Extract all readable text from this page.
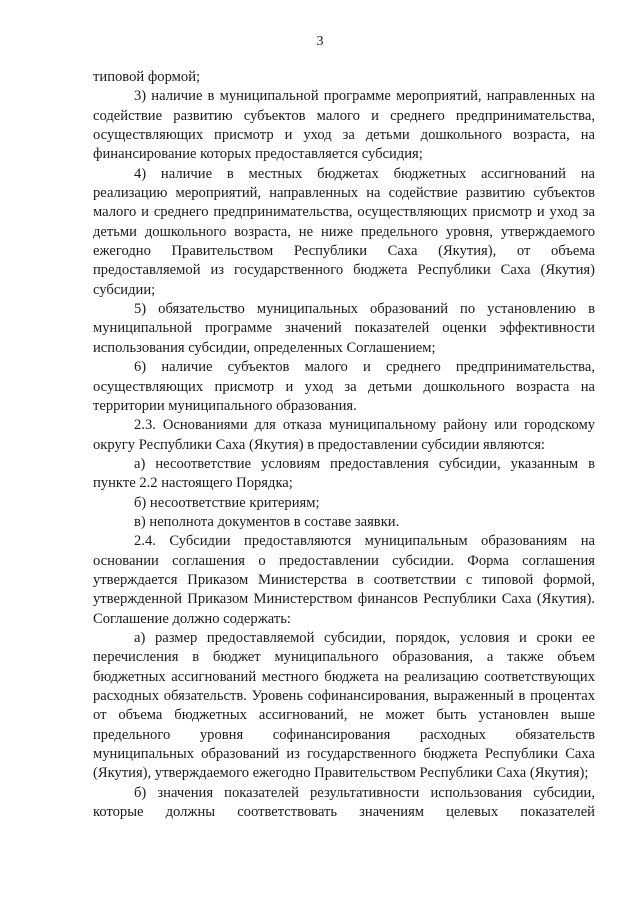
3

типовой формой;

3) наличие в муниципальной программе мероприятий, направленных на содействие развитию субъектов малого и среднего предпринимательства, осуществляющих присмотр и уход за детьми дошкольного возраста, на финансирование которых предоставляется субсидия;

4) наличие в местных бюджетах бюджетных ассигнований на реализацию мероприятий, направленных на содействие развитию субъектов малого и среднего предпринимательства, осуществляющих присмотр и уход за детьми дошкольного возраста, не ниже предельного уровня, утверждаемого ежегодно Правительством Республики Саха (Якутия), от объема предоставляемой из государственного бюджета Республики Саха (Якутия) субсидии;

5) обязательство муниципальных образований по установлению в муниципальной программе значений показателей оценки эффективности использования субсидии, определенных Соглашением;

6) наличие субъектов малого и среднего предпринимательства, осуществляющих присмотр и уход за детьми дошкольного возраста на территории муниципального образования.

2.3. Основаниями для отказа муниципальному району или городскому округу Республики Саха (Якутия) в предоставлении субсидии являются:

а) несоответствие условиям предоставления субсидии, указанным в пункте 2.2 настоящего Порядка;

б) несоответствие критериям;

в) неполнота документов в составе заявки.

2.4. Субсидии предоставляются муниципальным образованиям на основании соглашения о предоставлении субсидии. Форма соглашения утверждается Приказом Министерства в соответствии с типовой формой, утвержденной Приказом Министерством финансов Республики Саха (Якутия). Соглашение должно содержать:

а) размер предоставляемой субсидии, порядок, условия и сроки ее перечисления в бюджет муниципального образования, а также объем бюджетных ассигнований местного бюджета на реализацию соответствующих расходных обязательств. Уровень софинансирования, выраженный в процентах от объема бюджетных ассигнований, не может быть установлен выше предельного уровня софинансирования расходных обязательств муниципальных образований из государственного бюджета Республики Саха (Якутия), утверждаемого ежегодно Правительством Республики Саха (Якутия);

б) значения показателей результативности использования субсидии, которые должны соответствовать значениям целевых показателей
